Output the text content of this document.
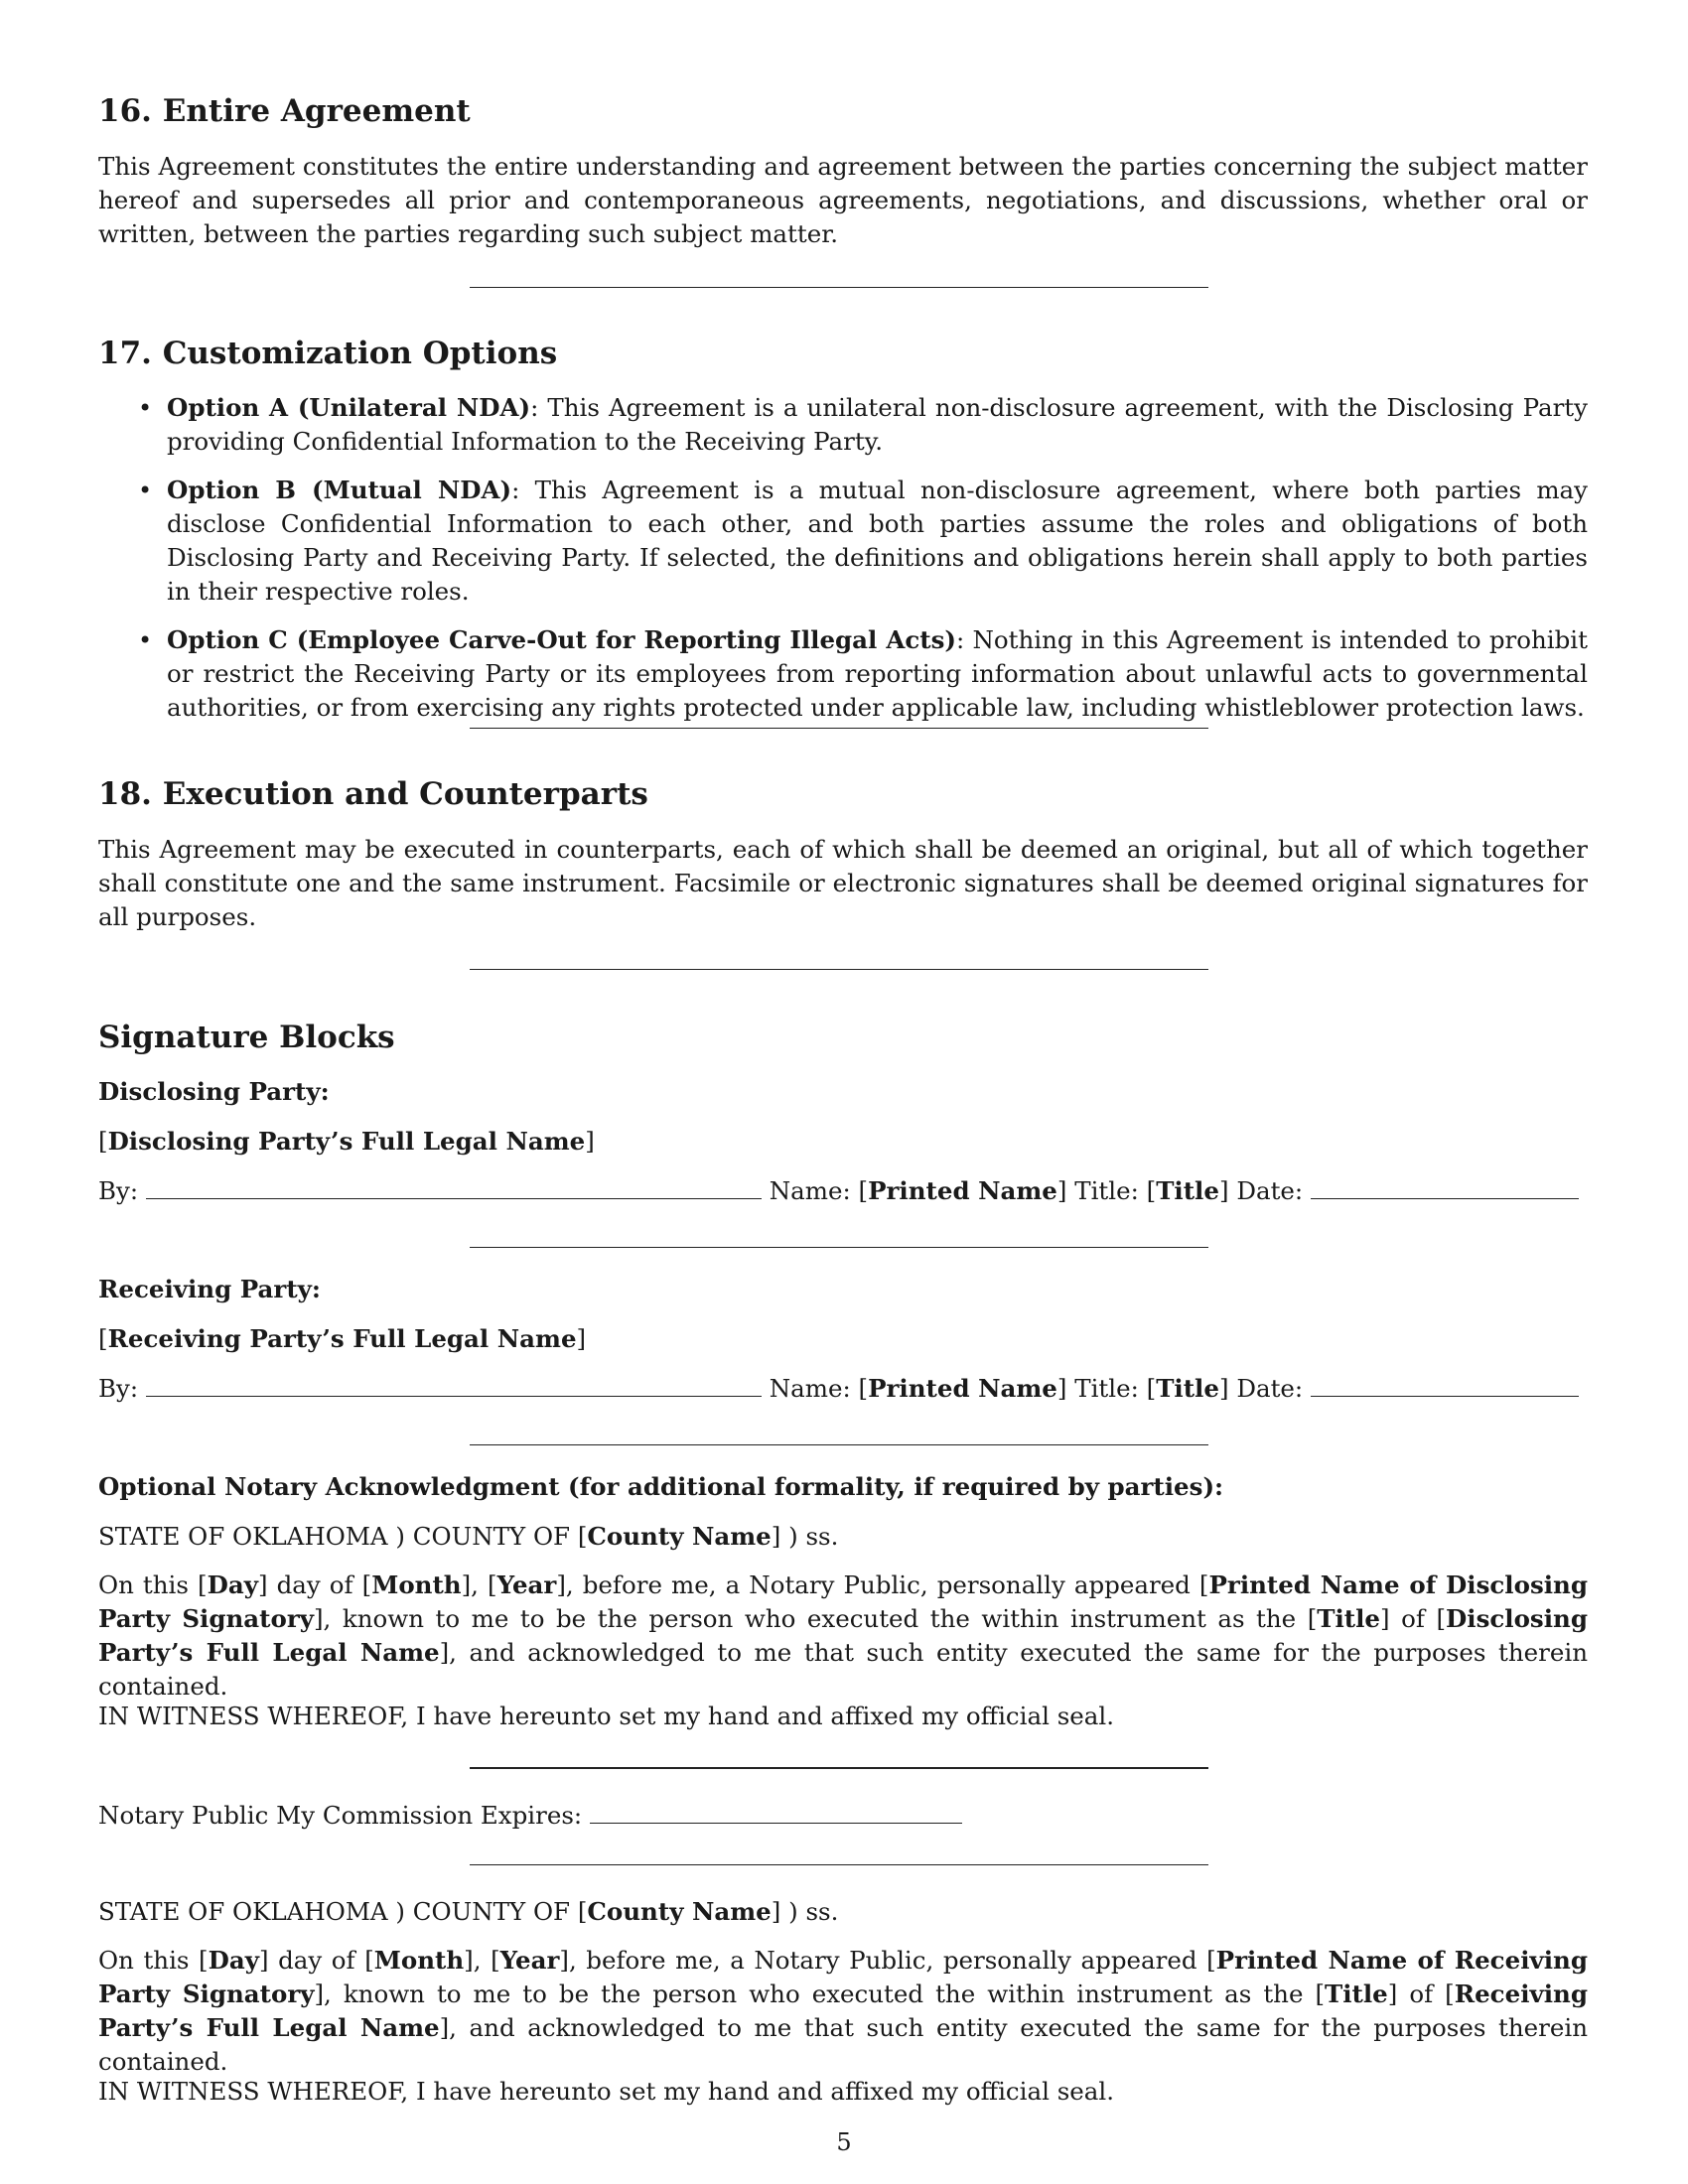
16. Entire Agreement

This Agreement constitutes the entire understanding and agreement between the parties concerning the subject matter hereof and supersedes all prior and contemporaneous agreements, negotiations, and discussions, whether oral or written, between the parties regarding such subject matter.

17. Customization Options
• Option A (Unilateral NDA): This Agreement is a unilateral non-disclosure agreement, with the Disclosing Party providing Confidential Information to the Receiving Party.
• Option B (Mutual NDA): This Agreement is a mutual non-disclosure agreement, where both parties may disclose Confidential Information to each other, and both parties assume the roles and obligations of both Disclosing Party and Receiving Party. If selected, the definitions and obligations herein shall apply to both parties in their respective roles.
• Option C (Employee Carve-Out for Reporting Illegal Acts): Nothing in this Agreement is intended to prohibit or restrict the Receiving Party or its employees from reporting information about unlawful acts to governmental authorities, or from exercising any rights protected under applicable law, including whistleblower protection laws.
18. Execution and Counterparts

This Agreement may be executed in counterparts, each of which shall be deemed an original, but all of which together shall constitute one and the same instrument. Facsimile or electronic signatures shall be deemed original signatures for all purposes.

Signature Blocks
Disclosing Party:
[Disclosing Party’s Full Legal Name]
By:	Name: [Printed Name] Title: [Title] Date:
Receiving Party:
[Receiving Party’s Full Legal Name]
By:	Name: [Printed Name] Title: [Title] Date:
Optional Notary Acknowledgment (for additional formality, if required by parties):
STATE OF OKLAHOMA ) COUNTY OF [County Name] ) ss.

On this [Day] day of [Month], [Year], before me, a Notary Public, personally appeared [Printed Name of Disclosing Party Signatory], known to me to be the person who executed the within instrument as the [Title] of [Disclosing Party’s Full Legal Name], and acknowledged to me that such entity executed the same for the purposes therein contained.

IN WITNESS WHEREOF, I have hereunto set my hand and affixed my official seal.
Notary Public My Commission Expires:
STATE OF OKLAHOMA ) COUNTY OF [County Name] ) ss.

On this [Day] day of [Month], [Year], before me, a Notary Public, personally appeared [Printed Name of Receiving Party Signatory], known to me to be the person who executed the within instrument as the [Title] of [Receiving Party’s Full Legal Name], and acknowledged to me that such entity executed the same for the purposes therein contained.

IN WITNESS WHEREOF, I have hereunto set my hand and affixed my official seal.
5
